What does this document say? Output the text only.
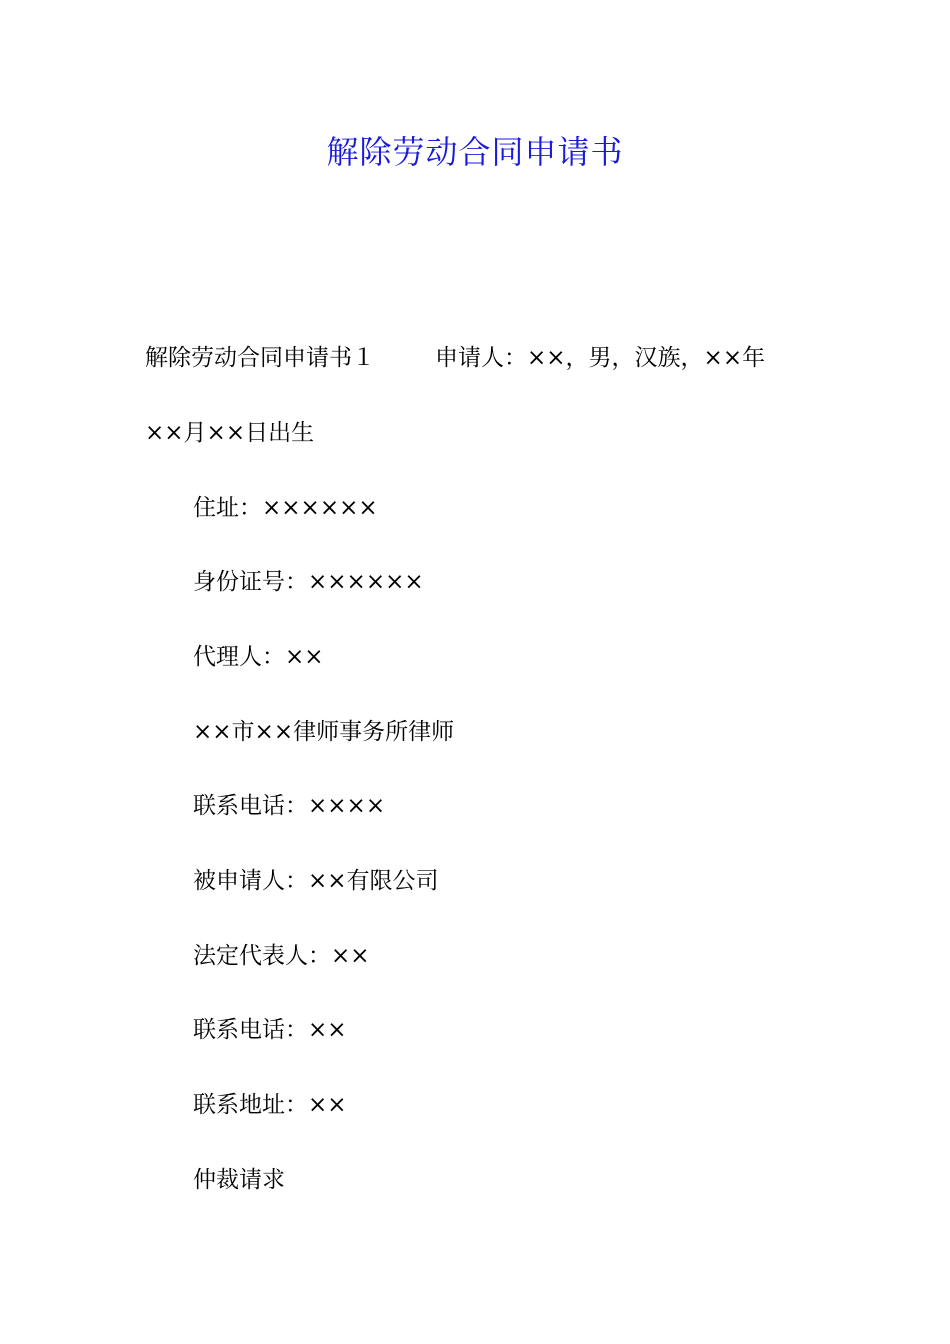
解除劳动合同申请书
解除劳动合同申请书１	申请人：××，男，汉族，××年
××月××日出生
住址：××××××
身份证号：××××××
代理人：××
××市××律师事务所律师
联系电话：××××
被申请人：××有限公司
法定代表人：××
联系电话：××
联系地址：××
仲裁请求
